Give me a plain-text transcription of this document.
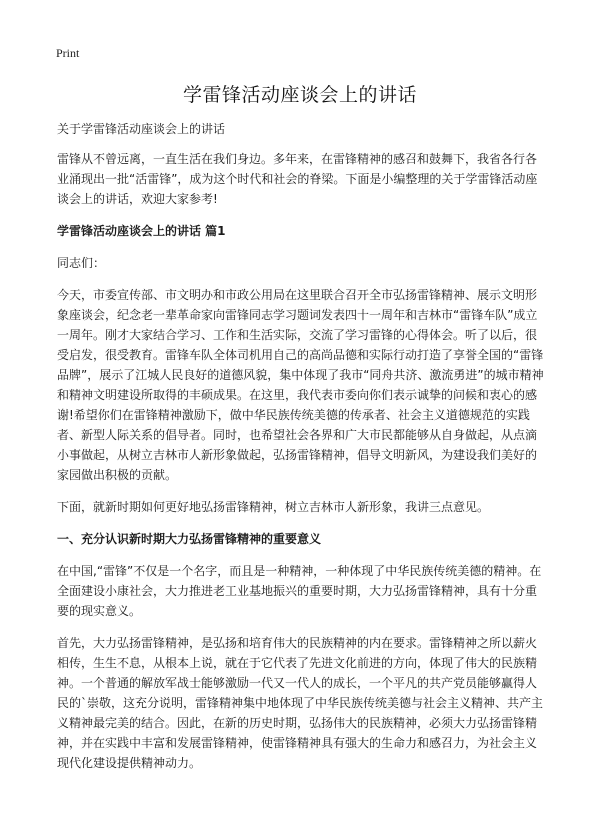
Print
学雷锋活动座谈会上的讲话

关于学雷锋活动座谈会上的讲话

雷锋从不曾远离，一直生活在我们身边。多年来，在雷锋精神的感召和鼓舞下，我省各行各业涌现出一批“活雷锋”，成为这个时代和社会的脊梁。下面是小编整理的关于学雷锋活动座谈会上的讲话，欢迎大家参考!

学雷锋活动座谈会上的讲话 篇1

同志们：

今天，市委宣传部、市文明办和市政公用局在这里联合召开全市弘扬雷锋精神、展示文明形象座谈会，纪念老一辈革命家向雷锋同志学习题词发表四十一周年和吉林市“雷锋车队”成立一周年。刚才大家结合学习、工作和生活实际，交流了学习雷锋的心得体会。听了以后，很受启发，很受教育。雷锋车队全体司机用自己的高尚品德和实际行动打造了享誉全国的“雷锋品牌”，展示了江城人民良好的道德风貌，集中体现了我市“同舟共济、激流勇进”的城市精神和精神文明建设所取得的丰硕成果。在这里，我代表市委向你们表示诚挚的问候和衷心的感谢!希望你们在雷锋精神激励下，做中华民族传统美德的传承者、社会主义道德规范的实践者、新型人际关系的倡导者。同时，也希望社会各界和广大市民都能够从自身做起，从点滴小事做起，从树立吉林市人新形象做起，弘扬雷锋精神，倡导文明新风，为建设我们美好的家园做出积极的贡献。

下面，就新时期如何更好地弘扬雷锋精神，树立吉林市人新形象，我讲三点意见。

一、充分认识新时期大力弘扬雷锋精神的重要意义

在中国,“雷锋”不仅是一个名字，而且是一种精神，一种体现了中华民族传统美德的精神。在全面建设小康社会，大力推进老工业基地振兴的重要时期，大力弘扬雷锋精神，具有十分重要的现实意义。

首先，大力弘扬雷锋精神，是弘扬和培育伟大的民族精神的内在要求。雷锋精神之所以薪火相传，生生不息，从根本上说，就在于它代表了先进文化前进的方向，体现了伟大的民族精神。一个普通的解放军战士能够激励一代又一代人的成长，一个平凡的共产党员能够赢得人民的`崇敬，这充分说明，雷锋精神集中地体现了中华民族传统美德与社会主义精神、共产主义精神最完美的结合。因此，在新的历史时期，弘扬伟大的民族精神，必须大力弘扬雷锋精神，并在实践中丰富和发展雷锋精神，使雷锋精神具有强大的生命力和感召力，为社会主义现代化建设提供精神动力。
